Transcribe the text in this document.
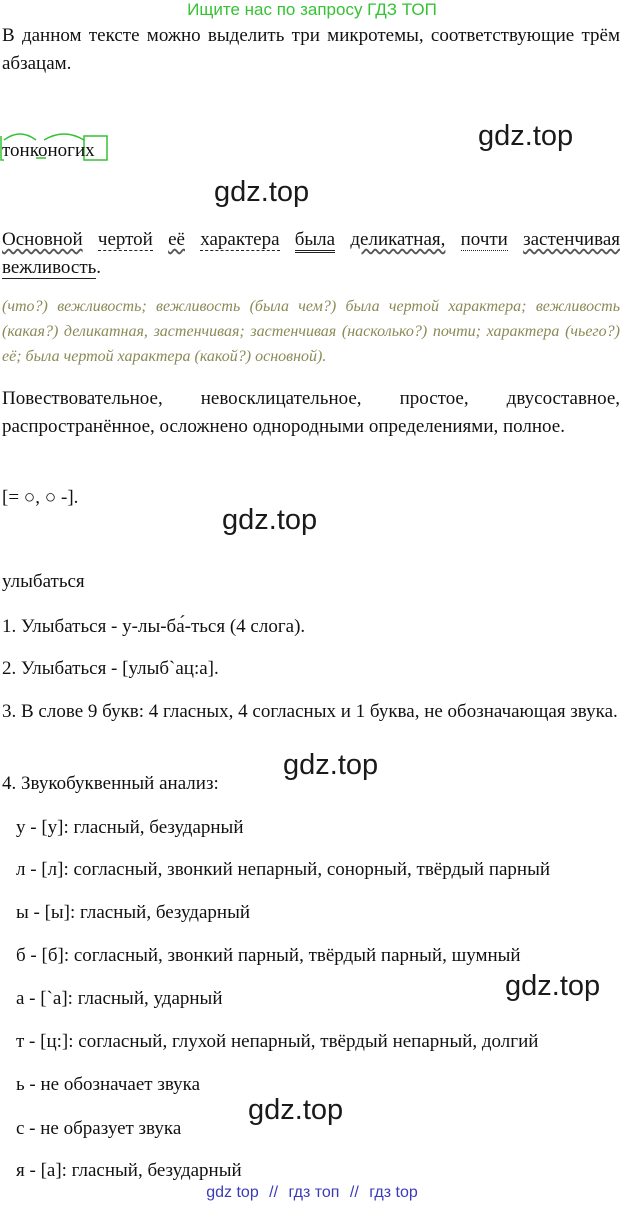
Ищите нас по запросу ГДЗ ТОП
В данном тексте можно выделить три микротемы, соответствующие трём абзацам.
тонконогих	gdz.top
gdz.top
Основной чертой её характера была деликатная, почти застенчивая вежливость.
(что?) вежливость; вежливость (была чем?) была чертой характера; вежливость (какая?) деликатная, застенчивая; застенчивая (насколько?) почти; характера (чьего?) её; была чертой характера (какой?) основной).
Повествовательное, невосклицательное, простое, двусоставное, распространённое, осложнено однородными определениями, полное.
[= ○, ○ -].
gdz.top
улыбаться
1. Улыбаться - у-лы-ба́-ться (4 слога).
2. Улыбаться - [улыб`ац:а].
3. В слове 9 букв: 4 гласных, 4 согласных и 1 буква, не обозначающая звука.
gdz.top
4. Звукобуквенный анализ:
у - [у]: гласный, безударный
л - [л]: согласный, звонкий непарный, сонорный, твёрдый парный
ы - [ы]: гласный, безударный
б - [б]: согласный, звонкий парный, твёрдый парный, шумный
gdz.top
а - [`а]: гласный, ударный
т - [ц:]: согласный, глухой непарный, твёрдый непарный, долгий
ь - не обозначает звука
gdz.top
с - не образует звука
я - [а]: гласный, безударный
gdz top // гдз топ // гдз top
